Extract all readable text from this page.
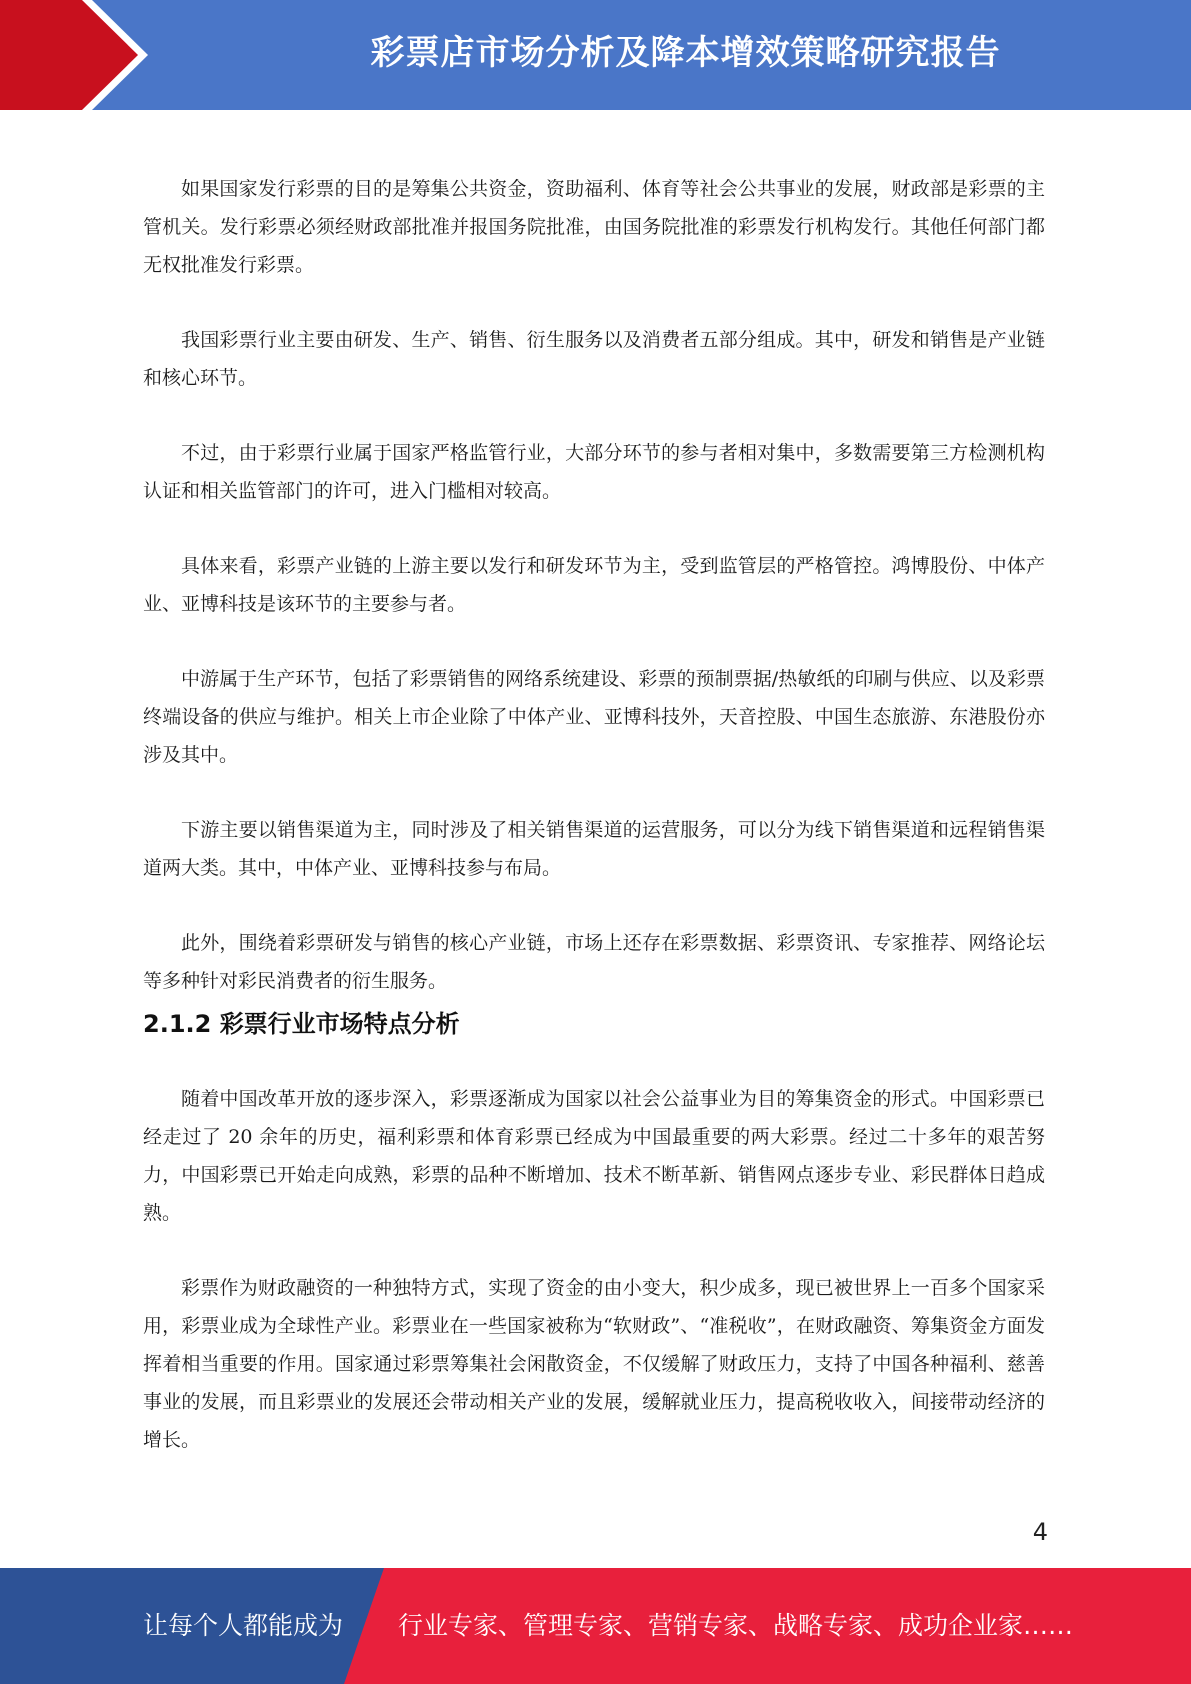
彩票店市场分析及降本增效策略研究报告

如果国家发行彩票的目的是筹集公共资金，资助福利、体育等社会公共事业的发展，财政部是彩票的主管机关。发行彩票必须经财政部批准并报国务院批准，由国务院批准的彩票发行机构发行。其他任何部门都无权批准发行彩票。

我国彩票行业主要由研发、生产、销售、衍生服务以及消费者五部分组成。其中，研发和销售是产业链和核心环节。

不过，由于彩票行业属于国家严格监管行业，大部分环节的参与者相对集中，多数需要第三方检测机构认证和相关监管部门的许可，进入门槛相对较高。

具体来看，彩票产业链的上游主要以发行和研发环节为主，受到监管层的严格管控。鸿博股份、中体产业、亚博科技是该环节的主要参与者。

中游属于生产环节，包括了彩票销售的网络系统建设、彩票的预制票据/热敏纸的印刷与供应、以及彩票终端设备的供应与维护。相关上市企业除了中体产业、亚博科技外，天音控股、中国生态旅游、东港股份亦涉及其中。

下游主要以销售渠道为主，同时涉及了相关销售渠道的运营服务，可以分为线下销售渠道和远程销售渠道两大类。其中，中体产业、亚博科技参与布局。

此外，围绕着彩票研发与销售的核心产业链，市场上还存在彩票数据、彩票资讯、专家推荐、网络论坛等多种针对彩民消费者的衍生服务。

2.1.2 彩票行业市场特点分析

随着中国改革开放的逐步深入，彩票逐渐成为国家以社会公益事业为目的筹集资金的形式。中国彩票已经走过了 20 余年的历史，福利彩票和体育彩票已经成为中国最重要的两大彩票。经过二十多年的艰苦努力，中国彩票已开始走向成熟，彩票的品种不断增加、技术不断革新、销售网点逐步专业、彩民群体日趋成熟。

彩票作为财政融资的一种独特方式，实现了资金的由小变大，积少成多，现已被世界上一百多个国家采用，彩票业成为全球性产业。彩票业在一些国家被称为“软财政”、“准税收”，在财政融资、筹集资金方面发挥着相当重要的作用。国家通过彩票筹集社会闲散资金，不仅缓解了财政压力，支持了中国各种福利、慈善事业的发展，而且彩票业的发展还会带动相关产业的发展，缓解就业压力，提高税收收入，间接带动经济的增长。

4
让每个人都能成为 行业专家、管理专家、营销专家、战略专家、成功企业家……
